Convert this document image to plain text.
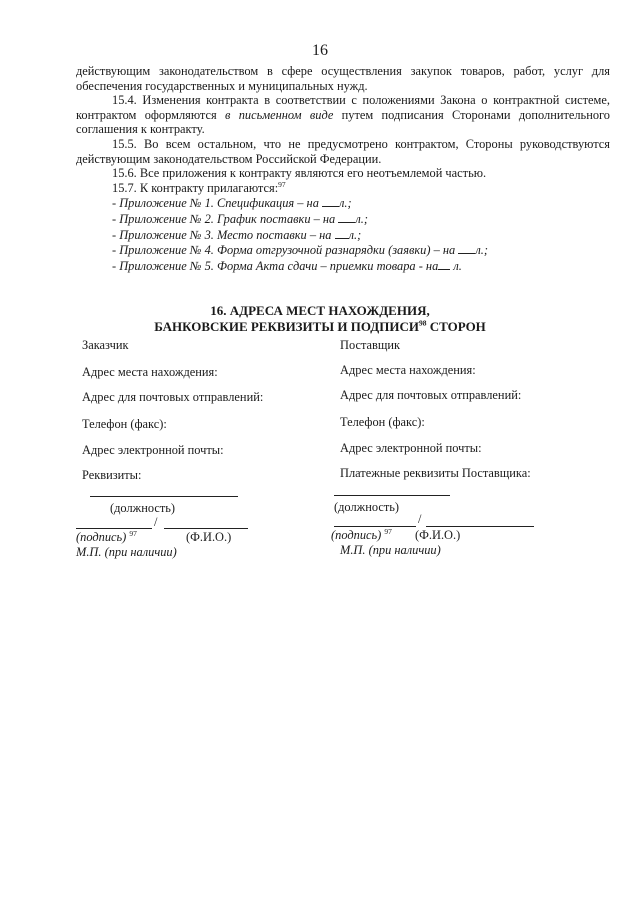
16

действующим законодательством в сфере осуществления закупок товаров, работ, услуг для

обеспечения государственных и муниципальных нужд.

15.4. Изменения контракта в соответствии с положениями Закона о контрактной системе,

контрактом оформляются в письменном виде путем подписания Сторонами дополнительного

соглашения к контракту.

15.5. Во всем остальном, что не предусмотрено контрактом, Стороны руководствуются

действующим законодательством Российской Федерации.

15.6. Все приложения к контракту являются его неотъемлемой частью.

15.7. К контракту прилагаются:$^{97}$

- Приложение № 1. Спецификация – на л.;

- Приложение № 2. График поставки – на л.;

- Приложение № 3. Место поставки – на л.;

- Приложение № 4. Форма отгрузочной разнарядки (заявки) – на л.;

- Приложение № 5. Форма Акта сдачи – приемки товара - на л.

16. АДРЕСА МЕСТ НАХОЖДЕНИЯ,
БАНКОВСКИЕ РЕКВИЗИТЫ И ПОДПИСИ$^{98}$ СТОРОН
Заказчик
Адрес места нахождения:
Адрес для почтовых отправлений:
Телефон (факс):
Адрес электронной почты:
Реквизиты:
(должность)
/
(подпись) $^{97}$	(Ф.И.О.)
М.П. (при наличии)
Поставщик
Адрес места нахождения:
Адрес для почтовых отправлений:
Телефон (факс):
Адрес электронной почты:
Платежные реквизиты Поставщика:
(должность)
/
(подпись) $^{97}$ (Ф.И.О.)
М.П. (при наличии)
